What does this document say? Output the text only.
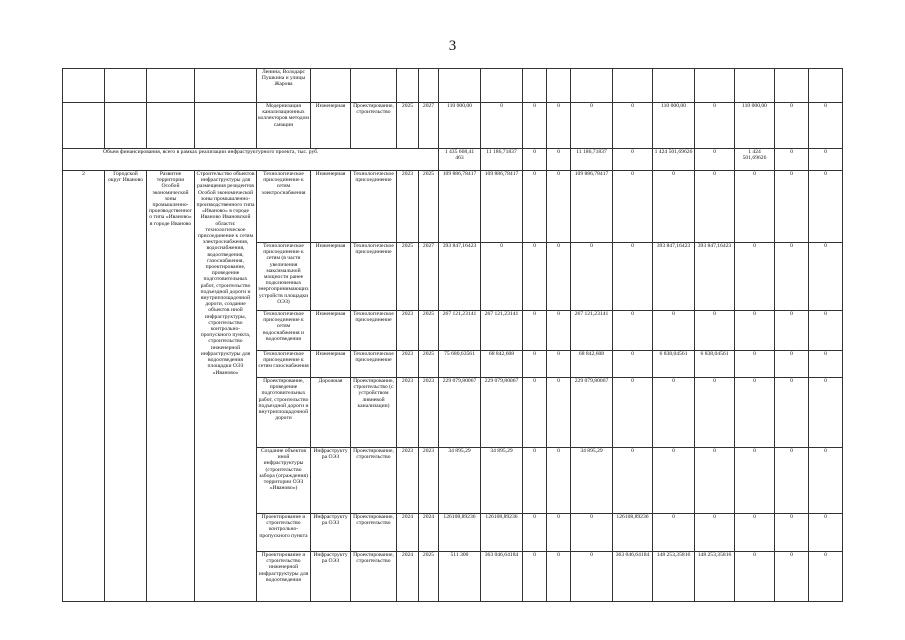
3
				Ленина, Володарс Пушкина и улицы Жарова															
				Модернизация канализационных коллекторов методом санации	Инженерная	Проектирование, строительство	2025	2027	110 000,00	0	0	0	0	0	110 000,00	0	110 000,00	0	0
Объем финансирования, всего в рамках реализации инфраструктурного проекта, тыс. руб.									1 435 668,41 463	11 186,71837	0	0	11 186,71837	0	1 424 501,69626	0	1 424 501,69626	0	0
2	Городской округ Иваново	Развитие территории Особой экономической зоны промышленно-производственного типа «Иваново» в городе Иваново	Строительство объектов инфраструктуры для размещения резидентов Особой экономической зоны промышленно-производственного типа «Иваново» в городе Иваново Ивановской области: технологическое присоединение к сетям электроснабжения, водоснабжения, водоотведения, газоснабжения, проектирование, проведение подготовительных работ, строительство подъездной дороги и внутриплощадочной дороги, создание объектов иной инфраструктуры, строительство контрольно-пропускного пункта, строительство инженерной инфраструктуры для водоотведения площадки ОЭЗ «Иваново»	Технологическое присоединение к сетям электроснабжения	Инженерная	Технологическое присоединение	2023	2025	109 886,78417	109 886,78417	0	0	109 886,78417	0	0	0	0	0	0
				Технологическое присоединение к сетям (в части увеличения максимальной мощности ранее подключенных энергопринимающих устройств площадки ОЭЗ)	Инженерная	Технологическое присоединение	2025	2027	393 847,16423	0	0	0	0	0	393 847,16423	393 847,16423	0	0	0
				Технологическое присоединение к сетям водоснабжения и водоотведения	Инженерная	Технологическое присоединение	2023	2025	267 121,23141	267 121,23141	0	0	267 121,23141	0	0	0	0	0	0
				Технологическое присоединение к сетям газоснабжения	Инженерная	Технологическое присоединение	2023	2025	75 680,63561	68 842,608	0	0	68 842,608	0	6 838,04561	6 838,04561	0	0	0
				Проектирование, проведение подготовительных работ, строительство подъездной дороги и внутриплощадочной дороги	Дорожная	Проектирование, строительство (с устройством ливневой канализации)	2023	2023	229 079,80067	229 079,80067	0	0	229 079,80067	0	0	0	0	0	0
				Создание объектов иной инфраструктуры (строительство забора (ограждения) территории ОЭЗ «Иваново»)	Инфраструктура ОЭЗ	Проектирование, строительство	2023	2023	34 895,29	34 895,29	0	0	34 895,29	0	0	0	0	0	0
				Проектирование и строительство контрольно-пропускного пункта	Инфраструктура ОЭЗ	Проектирование, строительство	2024	2024	126108,89236	126108,89236	0	0	0	126108,89236	0	0	0	0	0
				Проектирование и строительство инженерной инфраструктуры для водоотведения	Инфраструктура ОЭЗ	Проектирование, строительство	2024	2025	511 300	363 046,64184	0	0	0	363 046,64184	148 253,35816	148 253,35816	0	0	0
